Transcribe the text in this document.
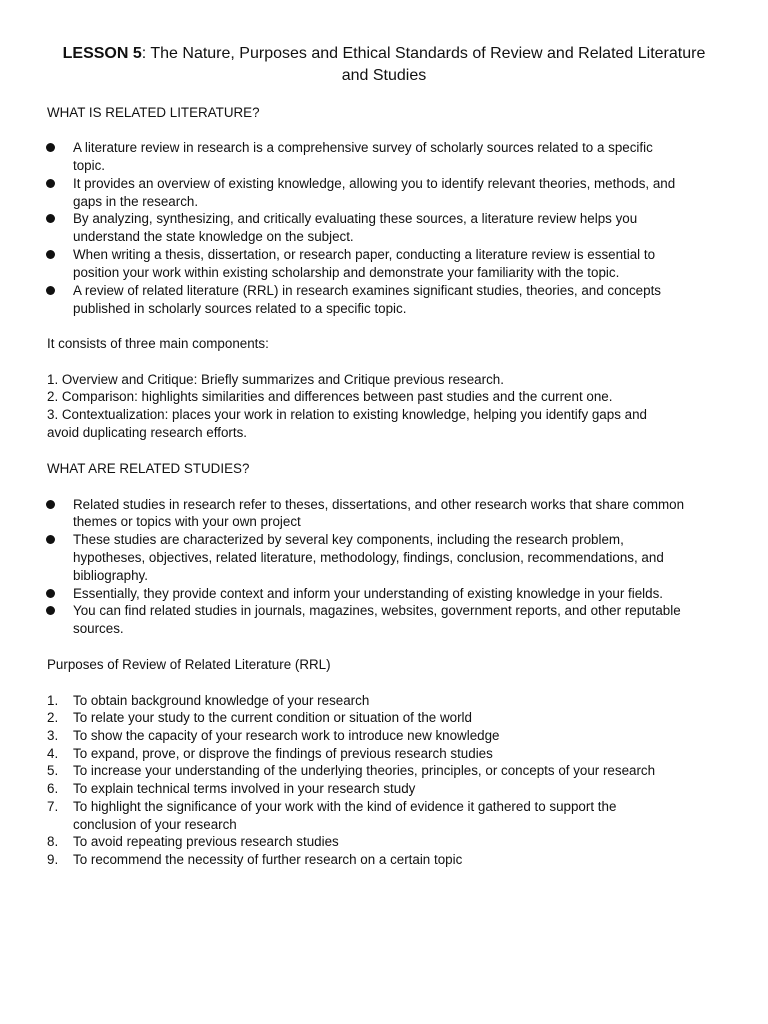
LESSON 5: The Nature, Purposes and Ethical Standards of Review and Related Literature
and Studies
WHAT IS RELATED LITERATURE?
A literature review in research is a comprehensive survey of scholarly sources related to a specific
topic.
It provides an overview of existing knowledge, allowing you to identify relevant theories, methods, and
gaps in the research.
By analyzing, synthesizing, and critically evaluating these sources, a literature review helps you
understand the state knowledge on the subject.
When writing a thesis, dissertation, or research paper, conducting a literature review is essential to
position your work within existing scholarship and demonstrate your familiarity with the topic.
A review of related literature (RRL) in research examines significant studies, theories, and concepts
published in scholarly sources related to a specific topic.
It consists of three main components:
1. Overview and Critique: Briefly summarizes and Critique previous research.
2. Comparison: highlights similarities and differences between past studies and the current one.
3. Contextualization: places your work in relation to existing knowledge, helping you identify gaps and
avoid duplicating research efforts.
WHAT ARE RELATED STUDIES?
Related studies in research refer to theses, dissertations, and other research works that share common
themes or topics with your own project
These studies are characterized by several key components, including the research problem,
hypotheses, objectives, related literature, methodology, findings, conclusion, recommendations, and
bibliography.
Essentially, they provide context and inform your understanding of existing knowledge in your fields.
You can find related studies in journals, magazines, websites, government reports, and other reputable
sources.
Purposes of Review of Related Literature (RRL)
1. To obtain background knowledge of your research
2. To relate your study to the current condition or situation of the world
3. To show the capacity of your research work to introduce new knowledge
4. To expand, prove, or disprove the findings of previous research studies
5. To increase your understanding of the underlying theories, principles, or concepts of your research
6. To explain technical terms involved in your research study
7. To highlight the significance of your work with the kind of evidence it gathered to support the
conclusion of your research
8. To avoid repeating previous research studies
9. To recommend the necessity of further research on a certain topic
